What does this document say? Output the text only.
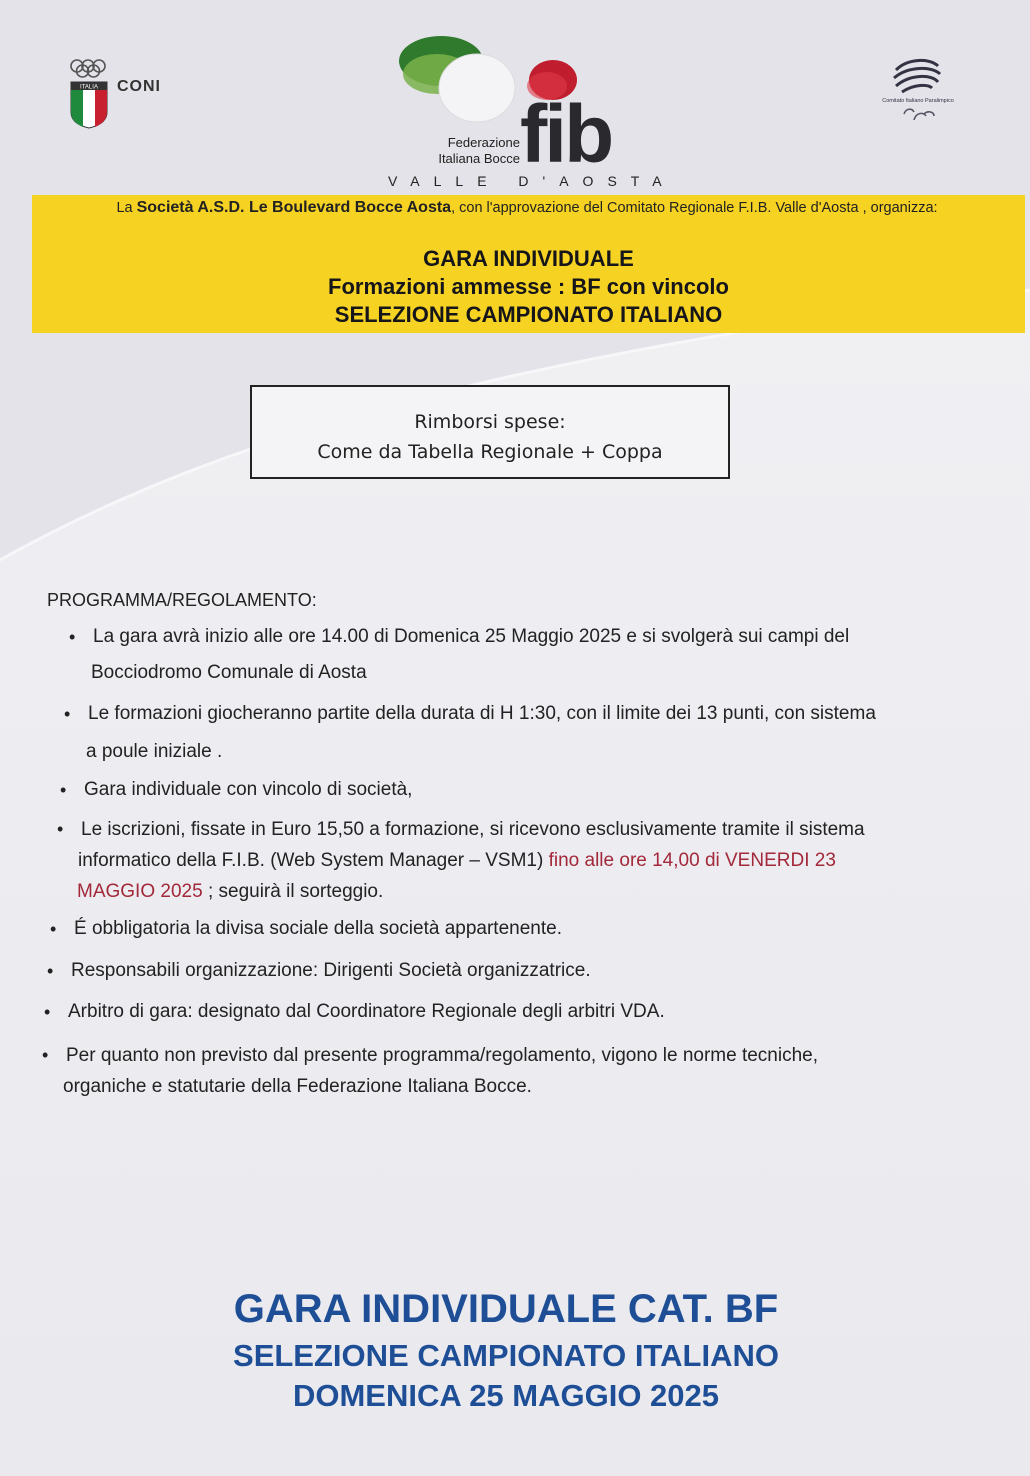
ITALIA CONI
Federazione Italiana Bocce fib
VALLE D'AOSTA
Comitato Italiano Paralimpico
La Società A.S.D. Le Boulevard Bocce Aosta, con l'approvazione del Comitato Regionale F.I.B. Valle d'Aosta , organizza:
GARA INDIVIDUALE
Formazioni ammesse : BF con vincolo
SELEZIONE CAMPIONATO ITALIANO
Rimborsi spese:
Come da Tabella Regionale + Coppa
PROGRAMMA/REGOLAMENTO:
• La gara avrà inizio alle ore 14.00 di Domenica 25 Maggio 2025 e si svolgerà sui campi del
Bocciodromo Comunale di Aosta
• Le formazioni giocheranno partite della durata di H 1:30, con il limite dei 13 punti, con sistema
a poule iniziale .
• Gara individuale con vincolo di società,
• Le iscrizioni, fissate in Euro 15,50 a formazione, si ricevono esclusivamente tramite il sistema
informatico della F.I.B. (Web System Manager – VSM1) fino alle ore 14,00 di VENERDI 23
MAGGIO 2025 ; seguirà il sorteggio.
• É obbligatoria la divisa sociale della società appartenente.
• Responsabili organizzazione: Dirigenti Società organizzatrice.
• Arbitro di gara: designato dal Coordinatore Regionale degli arbitri VDA.
• Per quanto non previsto dal presente programma/regolamento, vigono le norme tecniche,
organiche e statutarie della Federazione Italiana Bocce.
GARA INDIVIDUALE CAT. BF
SELEZIONE CAMPIONATO ITALIANO
DOMENICA 25 MAGGIO 2025
